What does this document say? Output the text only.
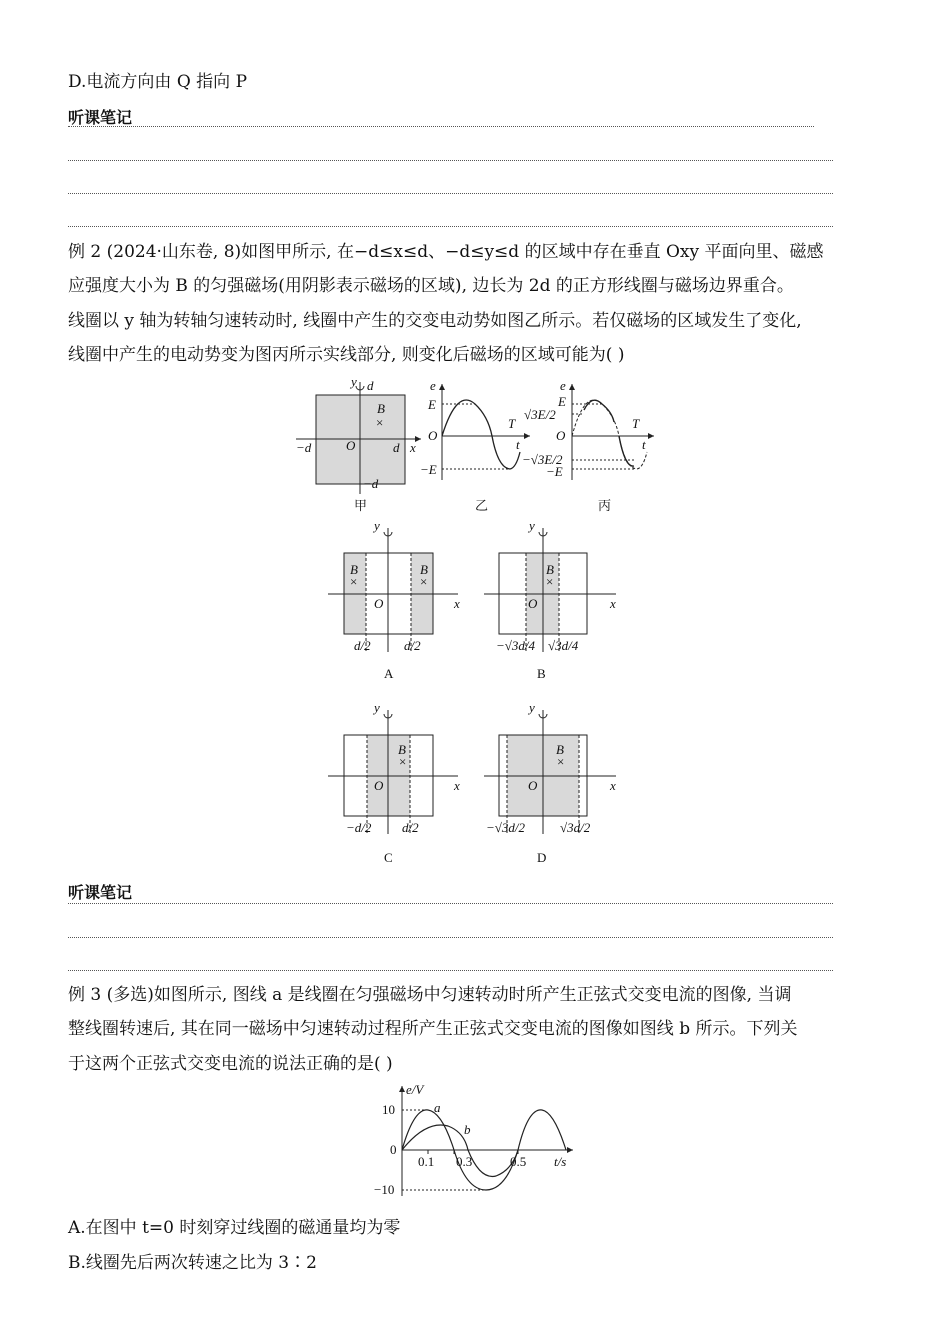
D.电流方向由 Q 指向 P
听课笔记
例 2 (2024·山东卷, 8)如图甲所示, 在−d≤x≤d、−d≤y≤d 的区域中存在垂直 Oxy 平面向里、磁感
应强度大小为 B 的匀强磁场(用阴影表示磁场的区域), 边长为 2d 的正方形线圈与磁场边界重合。
线圈以 y 轴为转轴匀速转动时, 线圈中产生的交变电动势如图乙所示。若仅磁场的区域发生了变化,
线圈中产生的电动势变为图丙所示实线部分, 则变化后磁场的区域可能为( )
y d
B
×
O
−d	d x
−d
甲
e
E
O
−E
T
t
乙
e
E
√3E/2
O
−√3E/2
−E
T
t
丙
y
B
×
B
×
O	x
d/2	d/2
A
y
B
×
O	x
−√3d/4 √3d/4
B
y
B
×
O	x
−d/2 d/2
C
y
B
×
O	x
−√3d/2	√3d/2
D
听课笔记
例 3 (多选)如图所示, 图线 a 是线圈在匀强磁场中匀速转动时所产生正弦式交变电流的图像, 当调
整线圈转速后, 其在同一磁场中匀速转动过程所产生正弦式交变电流的图像如图线 b 所示。下列关
于这两个正弦式交变电流的说法正确的是( )
e/V
10
0
−10
a
b
0.1 0.3	0.5 t/s
A.在图中 t=0 时刻穿过线圈的磁通量均为零
B.线圈先后两次转速之比为 3∶2
